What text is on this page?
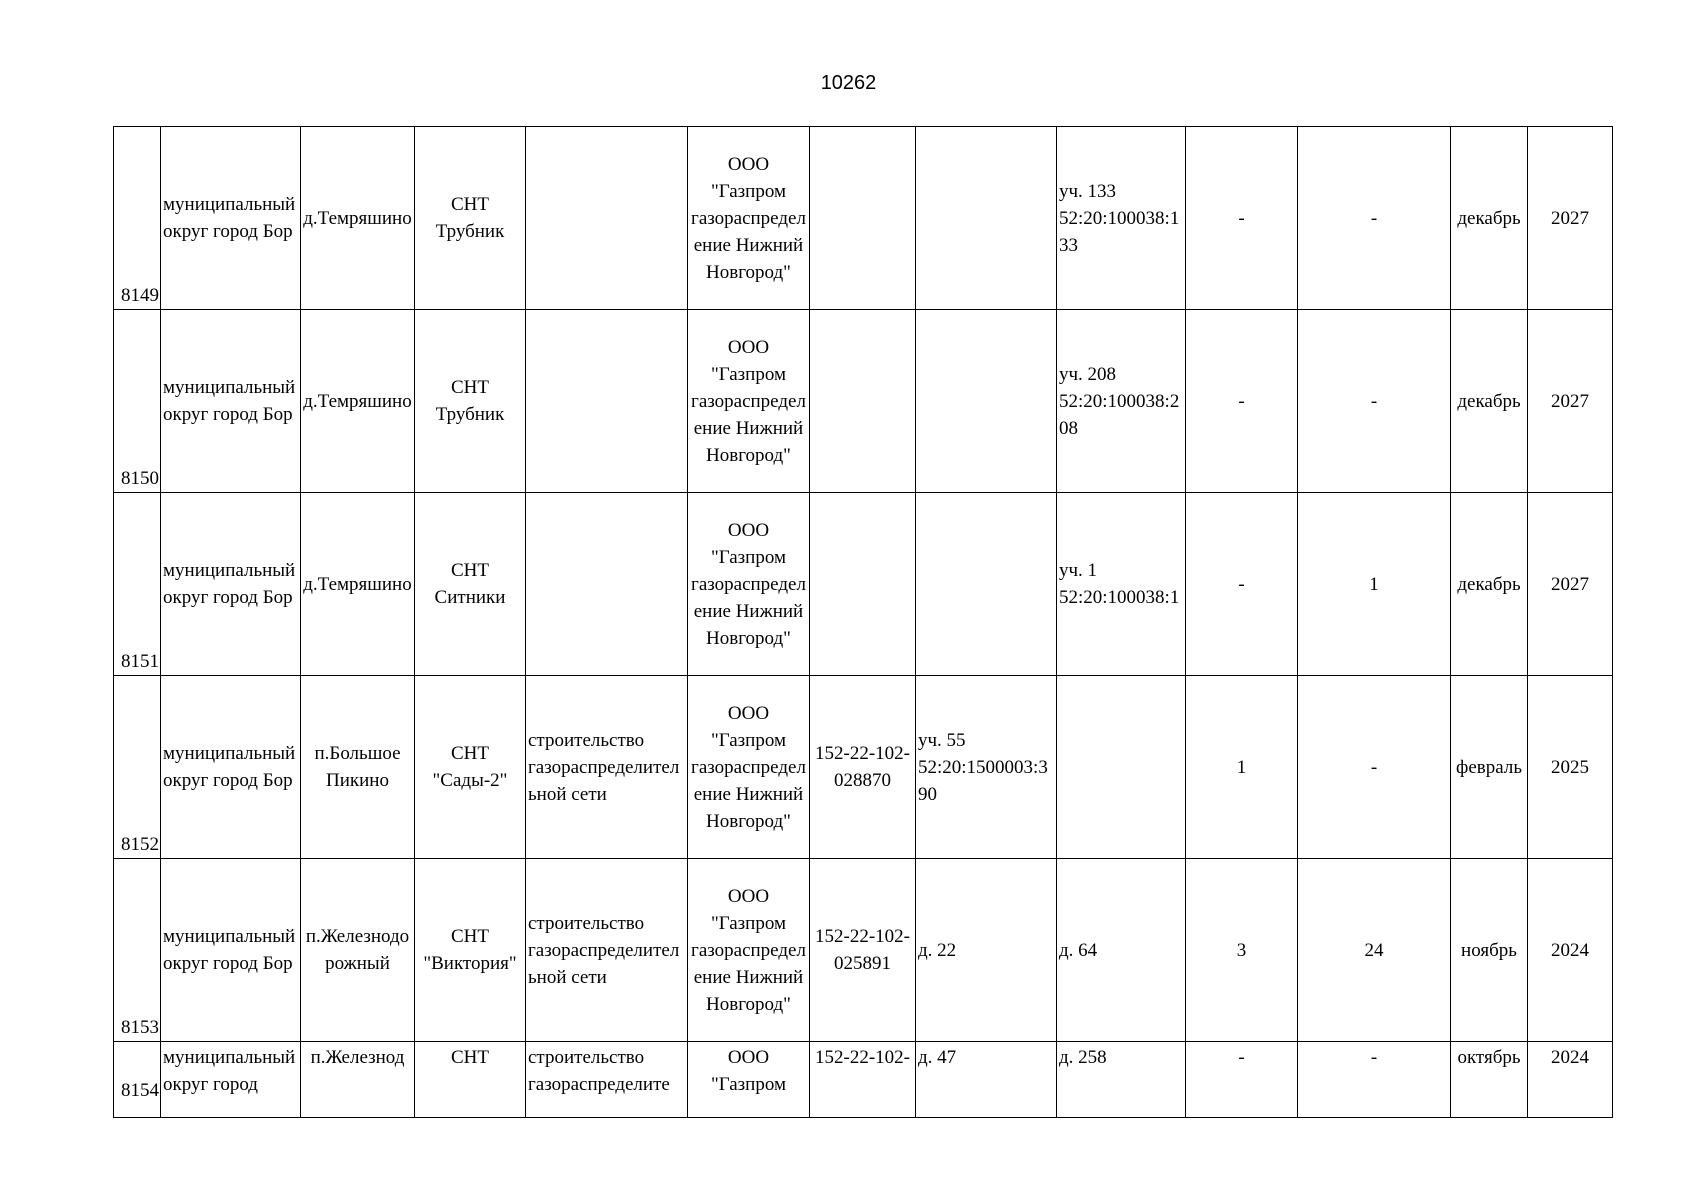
10262
8149	муниципальный округ город Бор	д.Темряшино	СНТ Трубник		ООО "Газпром газораспределение Нижний Новгород"			уч. 133 52:20:100038:133	-	-	декабрь	2027
8150	муниципальный округ город Бор	д.Темряшино	СНТ Трубник		ООО "Газпром газораспределение Нижний Новгород"			уч. 208 52:20:100038:208	-	-	декабрь	2027
8151	муниципальный округ город Бор	д.Темряшино	СНТ Ситники		ООО "Газпром газораспределение Нижний Новгород"			уч. 1 52:20:100038:1	-	1	декабрь	2027
8152	муниципальный округ город Бор	п.Большое Пикино	СНТ "Сады-2"	строительство газораспределительной сети	ООО "Газпром газораспределение Нижний Новгород"	152-22-102-028870	уч. 55 52:20:1500003:390		1	-	февраль	2025
8153	муниципальный округ город Бор	п.Железнодорожный	СНТ "Виктория"	строительство газораспределительной сети	ООО "Газпром газораспределение Нижний Новгород"	152-22-102-025891	д. 22	д. 64	3	24	ноябрь	2024
8154	муниципальный округ город	п.Железнод	СНТ	строительство газораспределите	ООО "Газпром	152-22-102-	д. 47	д. 258	-	-	октябрь	2024
